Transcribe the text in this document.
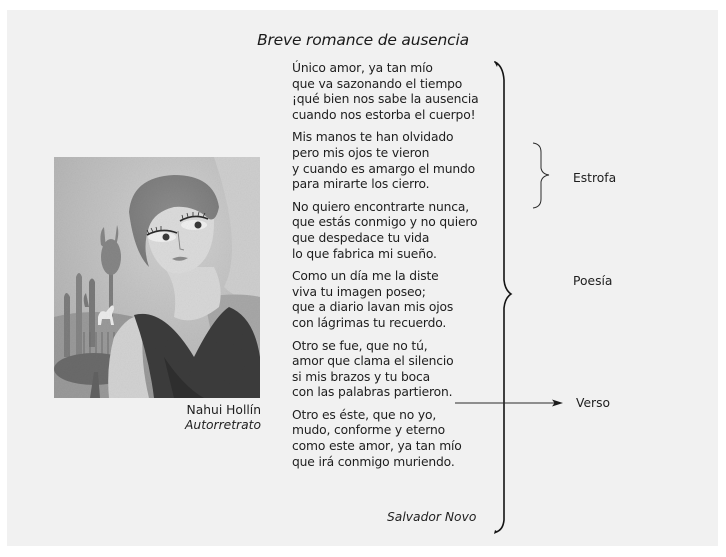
Breve romance de ausencia
Único amor, ya tan mío
que va sazonando el tiempo
¡qué bien nos sabe la ausencia
cuando nos estorba el cuerpo!
Mis manos te han olvidado
pero mis ojos te vieron
y cuando es amargo el mundo
para mirarte los cierro.
No quiero encontrarte nunca,
que estás conmigo y no quiero
que despedace tu vida
lo que fabrica mi sueño.
Como un día me la diste
viva tu imagen poseo;
que a diario lavan mis ojos
con lágrimas tu recuerdo.
Otro se fue, que no tú,
amor que clama el silencio
si mis brazos y tu boca
con las palabras partieron.
Otro es éste, que no yo,
mudo, conforme y eterno
como este amor, ya tan mío
que irá conmigo muriendo.
Salvador Novo
Nahui Hollín
Autorretrato
Estrofa
Poesía
Verso
